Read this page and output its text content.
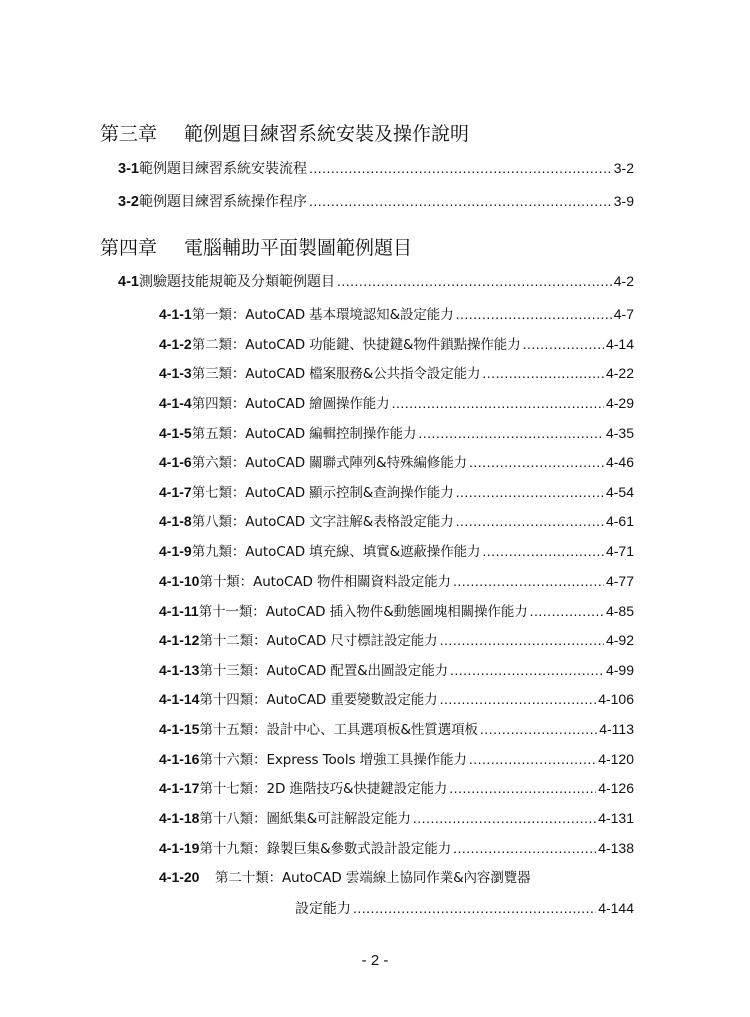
第三章 範例題目練習系統安裝及操作說明
3-1 範例題目練習系統安裝流程 .....	3-2
3-2 範例題目練習系統操作程序 .....	3-9
第四章 電腦輔助平面製圖範例題目
4-1 測驗題技能規範及分類範例題目 .....	4-2
4-1-1 第一類：AutoCAD 基本環境認知&設定能力 .....	4-7
4-1-2 第二類：AutoCAD 功能鍵、快捷鍵&物件鎖點操作能力 .....	4-14
4-1-3 第三類：AutoCAD 檔案服務&公共指令設定能力 .....	4-22
4-1-4 第四類：AutoCAD 繪圖操作能力 .....	4-29
4-1-5 第五類：AutoCAD 編輯控制操作能力 .....	4-35
4-1-6 第六類：AutoCAD 關聯式陣列&特殊編修能力 .....	4-46
4-1-7 第七類：AutoCAD 顯示控制&查詢操作能力 .....	4-54
4-1-8 第八類：AutoCAD 文字註解&表格設定能力 .....	4-61
4-1-9 第九類：AutoCAD 填充線、填實&遮蔽操作能力 .....	4-71
4-1-10 第十類：AutoCAD 物件相關資料設定能力 .....	4-77
4-1-11 第十一類：AutoCAD 插入物件&動態圖塊相關操作能力 .....	4-85
4-1-12 第十二類：AutoCAD 尺寸標註設定能力 .....	4-92
4-1-13 第十三類：AutoCAD 配置&出圖設定能力 .....	4-99
4-1-14 第十四類：AutoCAD 重要變數設定能力 .....	4-106
4-1-15 第十五類：設計中心、工具選項板&性質選項板 .....	4-113
4-1-16 第十六類：Express Tools 增強工具操作能力 .....	4-120
4-1-17 第十七類：2D 進階技巧&快捷鍵設定能力 .....	4-126
4-1-18 第十八類：圖紙集&可註解設定能力 .....	4-131
4-1-19 第十九類：錄製巨集&參數式設計設定能力 .....	4-138
4-1-20	第二十類：AutoCAD 雲端線上協同作業&內容瀏覽器
設定能力 .....	4-144
- 2 -
